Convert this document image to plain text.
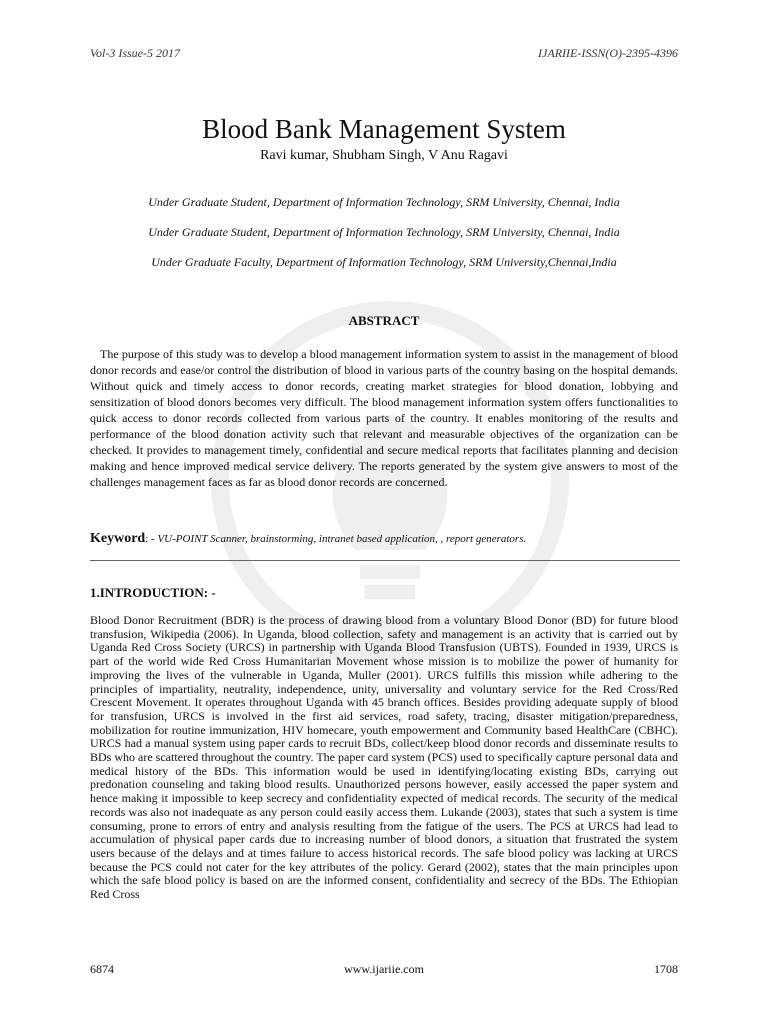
Vol-3 Issue-5 2017	IJARIIE-ISSN(O)-2395-4396
Blood Bank Management System
Ravi kumar, Shubham Singh, V Anu Ragavi
Under Graduate Student, Department of Information Technology, SRM University, Chennai, India
Under Graduate Student, Department of Information Technology, SRM University, Chennai, India
Under Graduate Faculty, Department of Information Technology, SRM University,Chennai,India
ABSTRACT
The purpose of this study was to develop a blood management information system to assist in the management of blood donor records and ease/or control the distribution of blood in various parts of the country basing on the hospital demands. Without quick and timely access to donor records, creating market strategies for blood donation, lobbying and sensitization of blood donors becomes very difficult. The blood management information system offers functionalities to quick access to donor records collected from various parts of the country. It enables monitoring of the results and performance of the blood donation activity such that relevant and measurable objectives of the organization can be checked. It provides to management timely, confidential and secure medical reports that facilitates planning and decision making and hence improved medical service delivery. The reports generated by the system give answers to most of the challenges management faces as far as blood donor records are concerned.
Keyword: - VU-POINT Scanner, brainstorming, intranet based application, , report generators.
1.INTRODUCTION: -
Blood Donor Recruitment (BDR) is the process of drawing blood from a voluntary Blood Donor (BD) for future blood transfusion, Wikipedia (2006). In Uganda, blood collection, safety and management is an activity that is carried out by Uganda Red Cross Society (URCS) in partnership with Uganda Blood Transfusion (UBTS). Founded in 1939, URCS is part of the world wide Red Cross Humanitarian Movement whose mission is to mobilize the power of humanity for improving the lives of the vulnerable in Uganda, Muller (2001). URCS fulfills this mission while adhering to the principles of impartiality, neutrality, independence, unity, universality and voluntary service for the Red Cross/Red Crescent Movement. It operates throughout Uganda with 45 branch offices. Besides providing adequate supply of blood for transfusion, URCS is involved in the first aid services, road safety, tracing, disaster mitigation/preparedness, mobilization for routine immunization, HIV homecare, youth empowerment and Community based HealthCare (CBHC). URCS had a manual system using paper cards to recruit BDs, collect/keep blood donor records and disseminate results to BDs who are scattered throughout the country. The paper card system (PCS) used to specifically capture personal data and medical history of the BDs. This information would be used in identifying/locating existing BDs, carrying out predonation counseling and taking blood results. Unauthorized persons however, easily accessed the paper system and hence making it impossible to keep secrecy and confidentiality expected of medical records. The security of the medical records was also not inadequate as any person could easily access them. Lukande (2003), states that such a system is time consuming, prone to errors of entry and analysis resulting from the fatigue of the users. The PCS at URCS had lead to accumulation of physical paper cards due to increasing number of blood donors, a situation that frustrated the system users because of the delays and at times failure to access historical records. The safe blood policy was lacking at URCS because the PCS could not cater for the key attributes of the policy. Gerard (2002), states that the main principles upon which the safe blood policy is based on are the informed consent, confidentiality and secrecy of the BDs. The Ethiopian Red Cross
6874	www.ijariie.com	1708
